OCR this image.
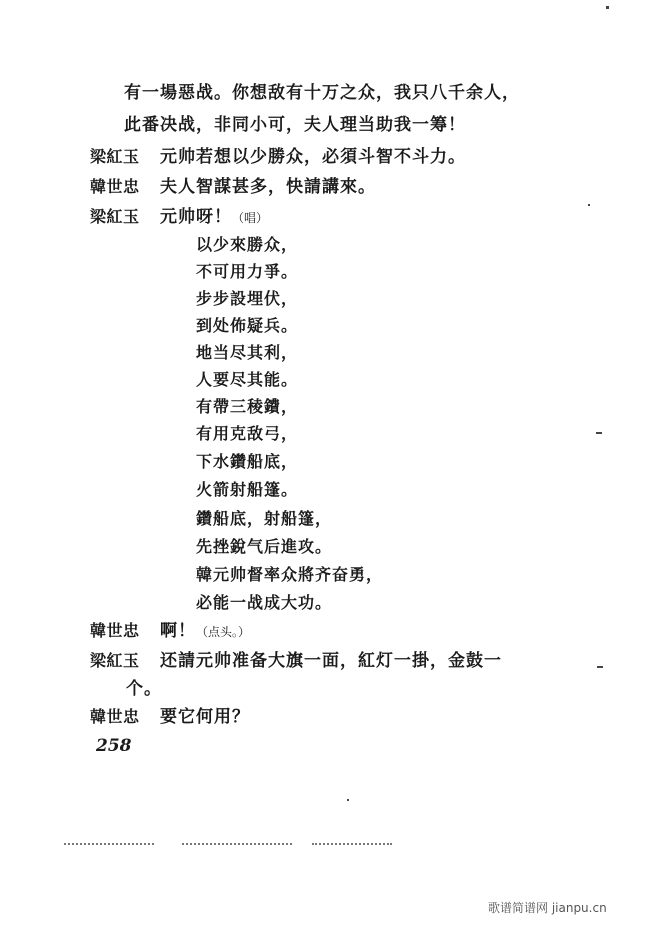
有一場惡战。你想敌有十万之众，我只八千余人，
此番决战，非同小可，夫人理当助我一筹！
梁紅玉 元帅若想以少勝众，必須斗智不斗力。
韓世忠 夫人智謀甚多，快請講來。
梁紅玉 元帅呀！（唱）
以少來勝众，
不可用力爭。
步步設埋伏，
到处佈疑兵。
地当尽其利，
人要尽其能。
有帶三稜鐨，
有用克敌弓，
下水鑽船底，
火箭射船篷。
鑽船底，射船篷，
先挫銳气后進攻。
韓元帅督率众將齐奋勇，
必能一战成大功。
韓世忠 啊！（点头。）
梁紅玉 还請元帅准备大旗一面，紅灯一掛，金鼓一
个。
韓世忠 要它何用？
258
歌谱简谱网 jianpu.cn
